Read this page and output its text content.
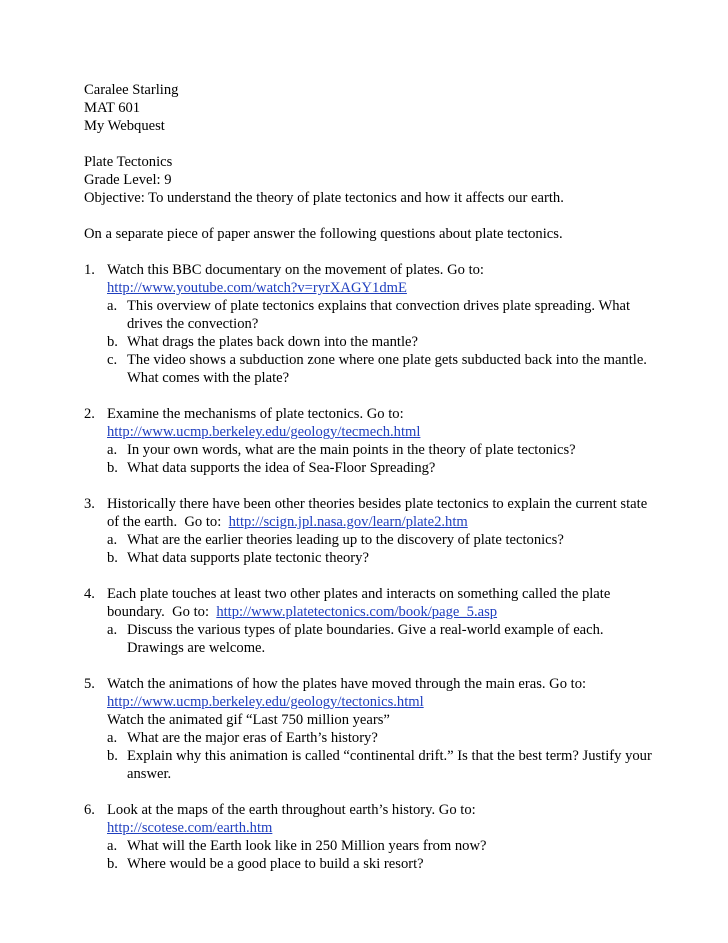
Caralee Starling
MAT 601
My Webquest
Plate Tectonics
Grade Level: 9
Objective: To understand the theory of plate tectonics and how it affects our earth.
On a separate piece of paper answer the following questions about plate tectonics.
1. Watch this BBC documentary on the movement of plates. Go to:
http://www.youtube.com/watch?v=ryrXAGY1dmE
a. This overview of plate tectonics explains that convection drives plate spreading. What
drives the convection?
b. What drags the plates back down into the mantle?
c. The video shows a subduction zone where one plate gets subducted back into the mantle.
What comes with the plate?
2. Examine the mechanisms of plate tectonics. Go to:
http://www.ucmp.berkeley.edu/geology/tecmech.html
a. In your own words, what are the main points in the theory of plate tectonics?
b. What data supports the idea of Sea-Floor Spreading?
3. Historically there have been other theories besides plate tectonics to explain the current state
of the earth.  Go to:  http://scign.jpl.nasa.gov/learn/plate2.htm
a. What are the earlier theories leading up to the discovery of plate tectonics?
b. What data supports plate tectonic theory?
4. Each plate touches at least two other plates and interacts on something called the plate
boundary.  Go to:  http://www.platetectonics.com/book/page_5.asp
a. Discuss the various types of plate boundaries. Give a real-world example of each.
Drawings are welcome.
5. Watch the animations of how the plates have moved through the main eras. Go to:
http://www.ucmp.berkeley.edu/geology/tectonics.html
Watch the animated gif “Last 750 million years”
a. What are the major eras of Earth’s history?
b. Explain why this animation is called “continental drift.” Is that the best term? Justify your
answer.
6. Look at the maps of the earth throughout earth’s history. Go to:
http://scotese.com/earth.htm
a. What will the Earth look like in 250 Million years from now?
b. Where would be a good place to build a ski resort?
